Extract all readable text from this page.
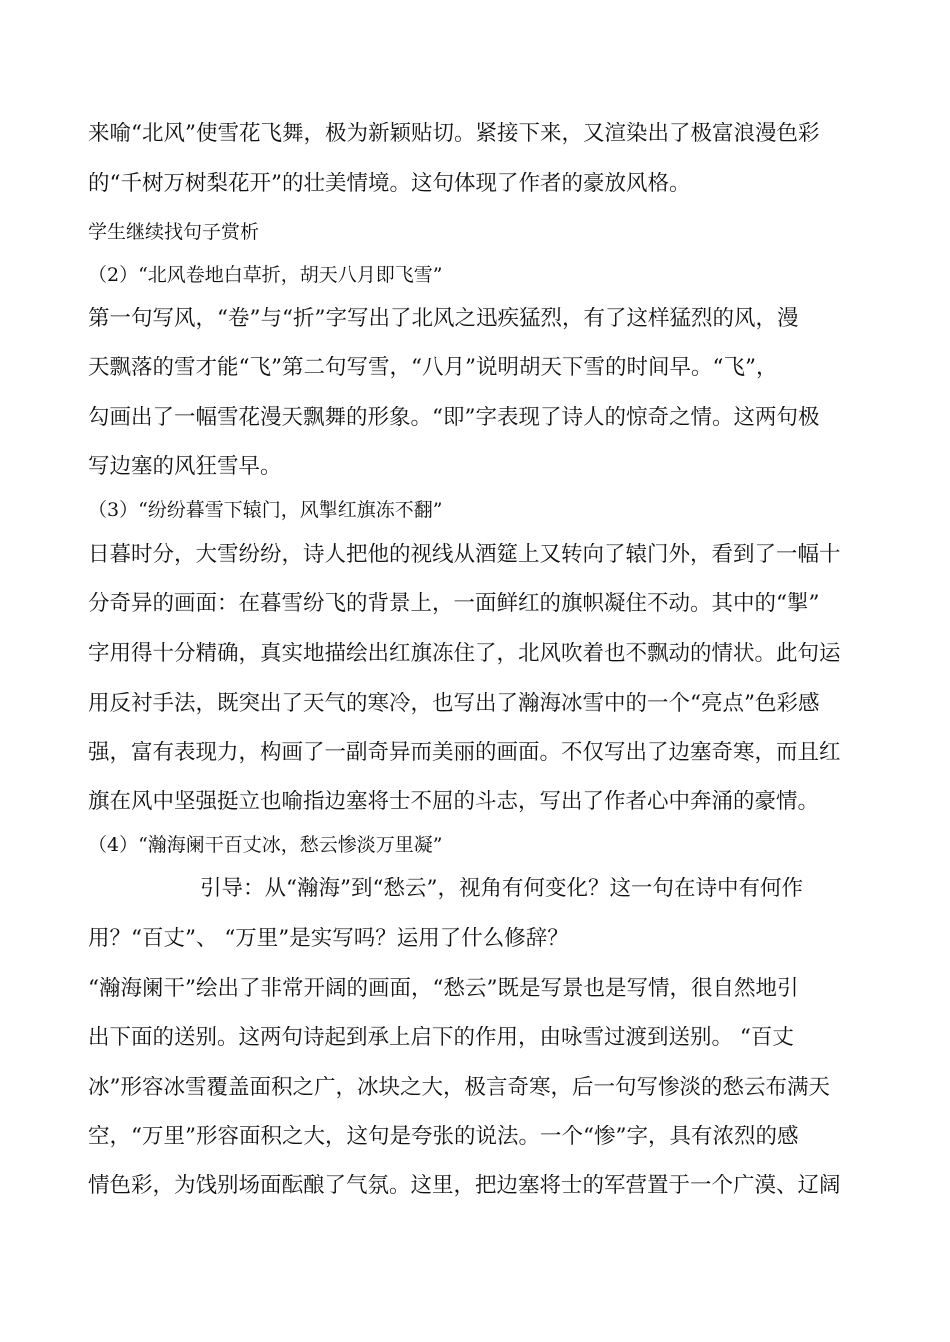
来喻“北风”使雪花飞舞，极为新颖贴切。紧接下来，又渲染出了极富浪漫色彩
的“千树万树梨花开”的壮美情境。这句体现了作者的豪放风格。
学生继续找句子赏析
（2）“北风卷地白草折，胡天八月即飞雪”
第一句写风，“卷”与“折”字写出了北风之迅疾猛烈，有了这样猛烈的风，漫
天飘落的雪才能“飞”第二句写雪，“八月”说明胡天下雪的时间早。“飞”，
勾画出了一幅雪花漫天飘舞的形象。“即”字表现了诗人的惊奇之情。这两句极
写边塞的风狂雪早。
（3）“纷纷暮雪下辕门，风掣红旗冻不翻”
日暮时分，大雪纷纷，诗人把他的视线从酒筵上又转向了辕门外，看到了一幅十
分奇异的画面：在暮雪纷飞的背景上，一面鲜红的旗帜凝住不动。其中的“掣”
字用得十分精确，真实地描绘出红旗冻住了，北风吹着也不飘动的情状。此句运
用反衬手法，既突出了天气的寒冷，也写出了瀚海冰雪中的一个“亮点”色彩感
强，富有表现力，构画了一副奇异而美丽的画面。不仅写出了边塞奇寒，而且红
旗在风中坚强挺立也喻指边塞将士不屈的斗志，写出了作者心中奔涌的豪情。
（4）“瀚海阑干百丈冰，愁云惨淡万里凝”
引导：从“瀚海”到“愁云”，视角有何变化？这一句在诗中有何作
用？“百丈”、 “万里”是实写吗？运用了什么修辞？
“瀚海阑干”绘出了非常开阔的画面，“愁云”既是写景也是写情，很自然地引
出下面的送别。这两句诗起到承上启下的作用，由咏雪过渡到送别。 “百丈
冰”形容冰雪覆盖面积之广，冰块之大，极言奇寒，后一句写惨淡的愁云布满天
空，“万里”形容面积之大，这句是夸张的说法。一个“惨”字，具有浓烈的感
情色彩，为饯别场面酝酿了气氛。这里，把边塞将士的军营置于一个广漠、辽阔
